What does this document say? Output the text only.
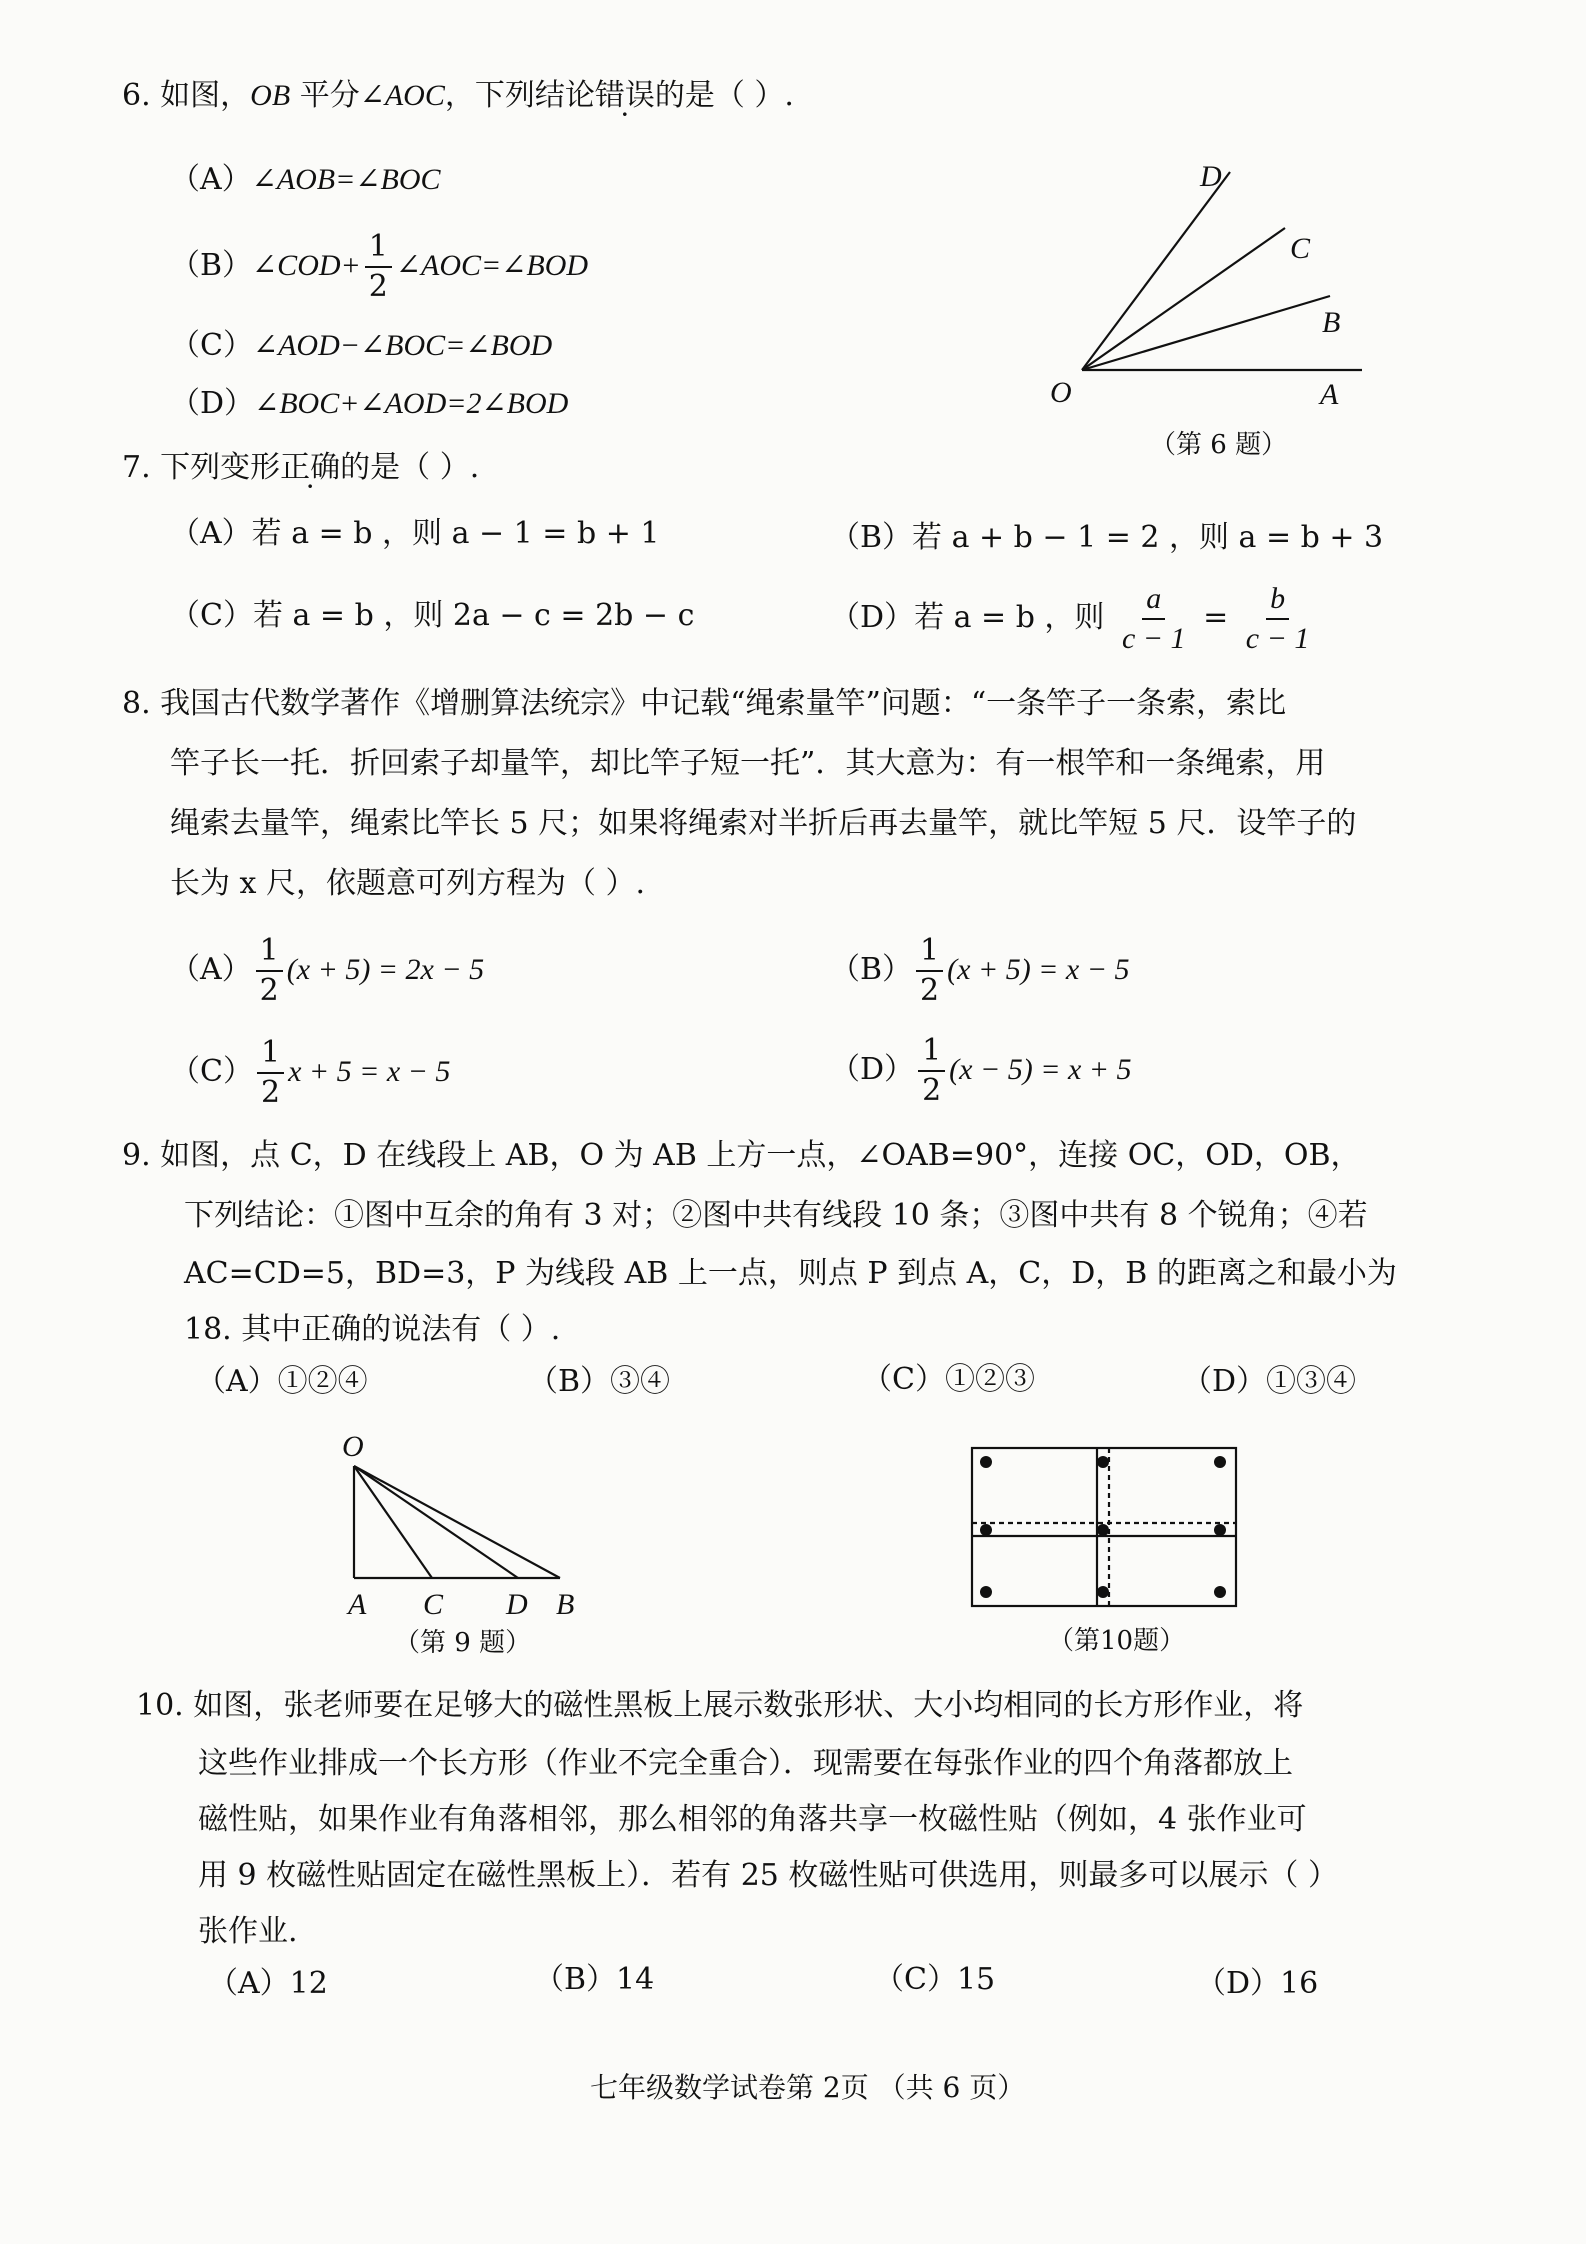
6. 如图，OB 平分∠AOC，下列结论错误的是（ ）.
（A）∠AOB=∠BOC
（B）∠COD+ $\frac{1}{2}$ ∠AOC=∠BOD
（C）∠AOD−∠BOC=∠BOD
（D）∠BOC+∠AOD=2∠BOD
D
C
B
O	A
（第 6 题）
7. 下列变形正确的是（ ）.
（A）若 a = b ，则 a − 1 = b + 1	（B）若 a + b − 1 = 2 ，则 a = b + 3
（C）若 a = b ，则 2a − c = 2b − c	（D）若 a = b ，则 $\frac{a}{c - 1} = \frac{b}{c - 1}$
8. 我国古代数学著作《增删算法统宗》中记载“绳索量竿”问题：“一条竿子一条索，索比
竿子长一托．折回索子却量竿，却比竿子短一托”．其大意为：有一根竿和一条绳索，用
绳索去量竿，绳索比竿长 5 尺；如果将绳索对半折后再去量竿，就比竿短 5 尺．设竿子的
长为 x 尺，依题意可列方程为（ ）.
$(A) \frac{1}{2} (x + 5) = 2x - 5$	$(B) \frac{1}{2} (x + 5) = x - 5$
$(C) \frac{1}{2}$ x + 5 = x − 5	$(D) \frac{1}{2} (x - 5) = x + 5$
9. 如图，点 C，D 在线段上 AB，O 为 AB 上方一点，∠OAB=90°，连接 OC，OD，OB，
下列结论：①图中互余的角有 3 对；②图中共有线段 10 条；③图中共有 8 个锐角；④若
AC=CD=5，BD=3，P 为线段 AB 上一点，则点 P 到点 A，C，D，B 的距离之和最小为
18. 其中正确的说法有（ ）.
（A）①②④	（B）③④	（C）①②③	（D）①③④
O
A C D B
（第 9 题）	（第10题）
10. 如图，张老师要在足够大的磁性黑板上展示数张形状、大小均相同的长方形作业，将
这些作业排成一个长方形（作业不完全重合）．现需要在每张作业的四个角落都放上
磁性贴，如果作业有角落相邻，那么相邻的角落共享一枚磁性贴（例如，4 张作业可
用 9 枚磁性贴固定在磁性黑板上）．若有 25 枚磁性贴可供选用，则最多可以展示（ ）
张作业.
（A）12	（B）14	（C）15	（D）16
七年级数学试卷第 2页 （共 6 页）
